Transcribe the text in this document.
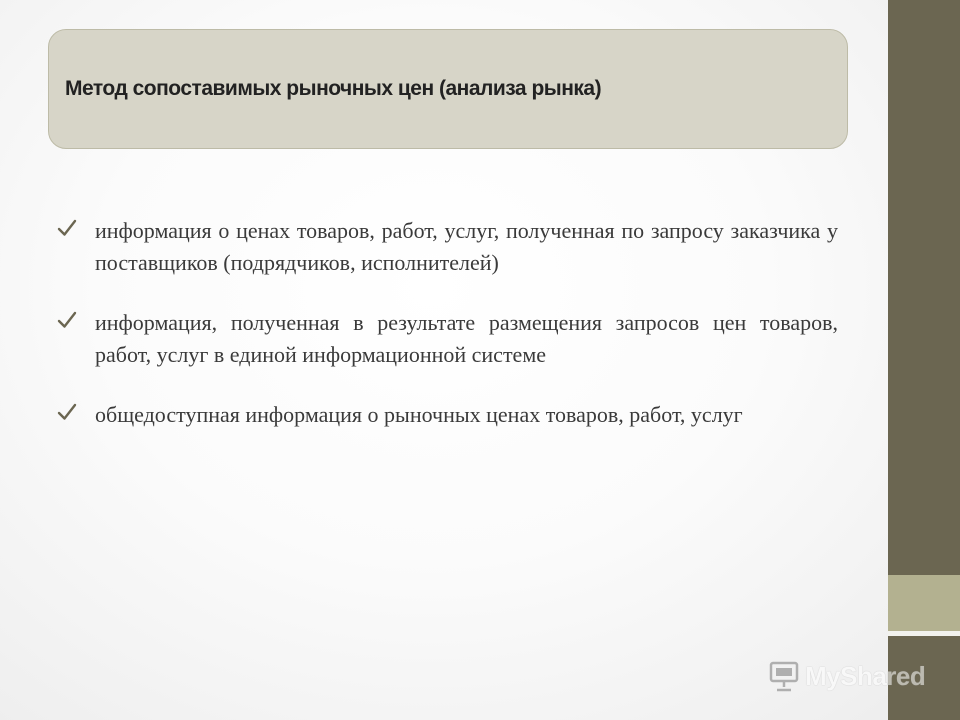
Метод сопоставимых рыночных цен (анализа рынка)
информация о ценах товаров, работ, услуг, полученная по запросу заказчика у поставщиков (подрядчиков, исполнителей)
информация, полученная в результате размещения запросов цен товаров, работ, услуг в единой информационной системе
общедоступная информация о рыночных ценах товаров, работ, услуг
MyShared
